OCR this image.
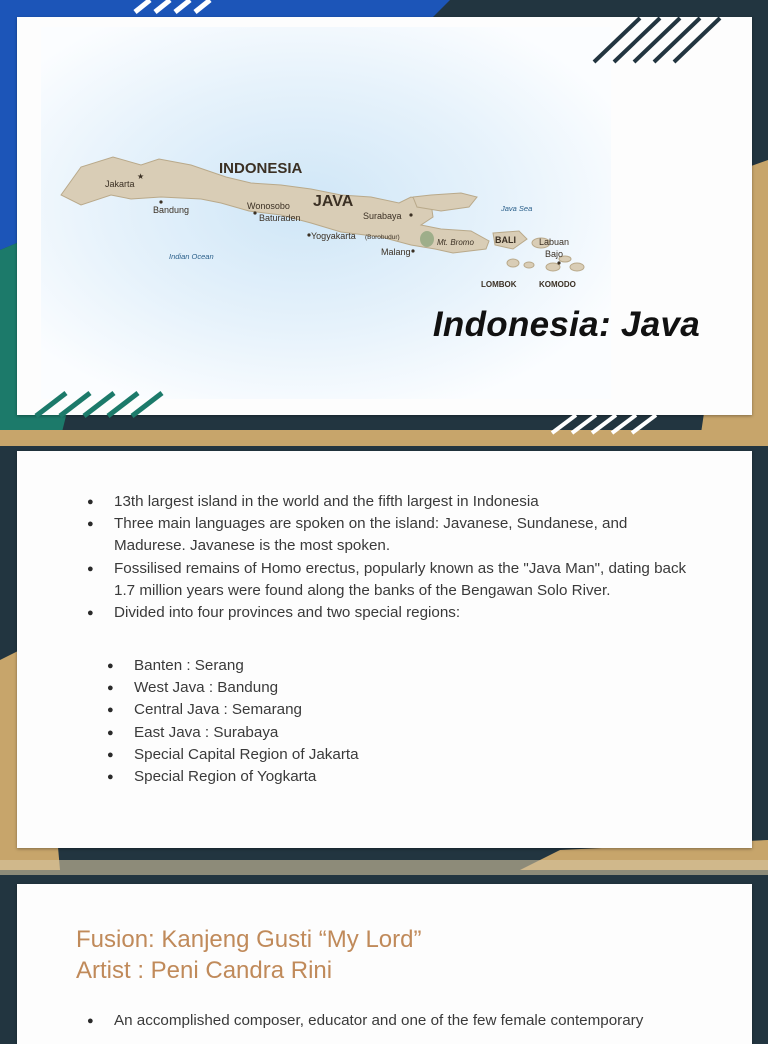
INDONESIA
JAVA
Jakarta
Bandung	Wonosobo
Baturaden
Yogyakarta (Borobudur)
Surabaya
Malang
Mt. Bromo	Labuan
Bajo
BALI
LOMBOK	KOMODO
Java Sea
Indian Ocean
★
Indonesia: Java
● 13th largest island in the world and the fifth largest in Indonesia
● Three main languages are spoken on the island: Javanese, Sundanese, and Madurese. Javanese is the most spoken.
● Fossilised remains of Homo erectus, popularly known as the "Java Man", dating back 1.7 million years were found along the banks of the Bengawan Solo River.
● Divided into four provinces and two special regions:
● Banten : Serang
● West Java : Bandung
● Central Java : Semarang
● East Java : Surabaya
● Special Capital Region of Jakarta
● Special Region of Yogkarta
Fusion: Kanjeng Gusti “My Lord”
Artist : Peni Candra Rini
● An accomplished composer, educator and one of the few female contemporary
